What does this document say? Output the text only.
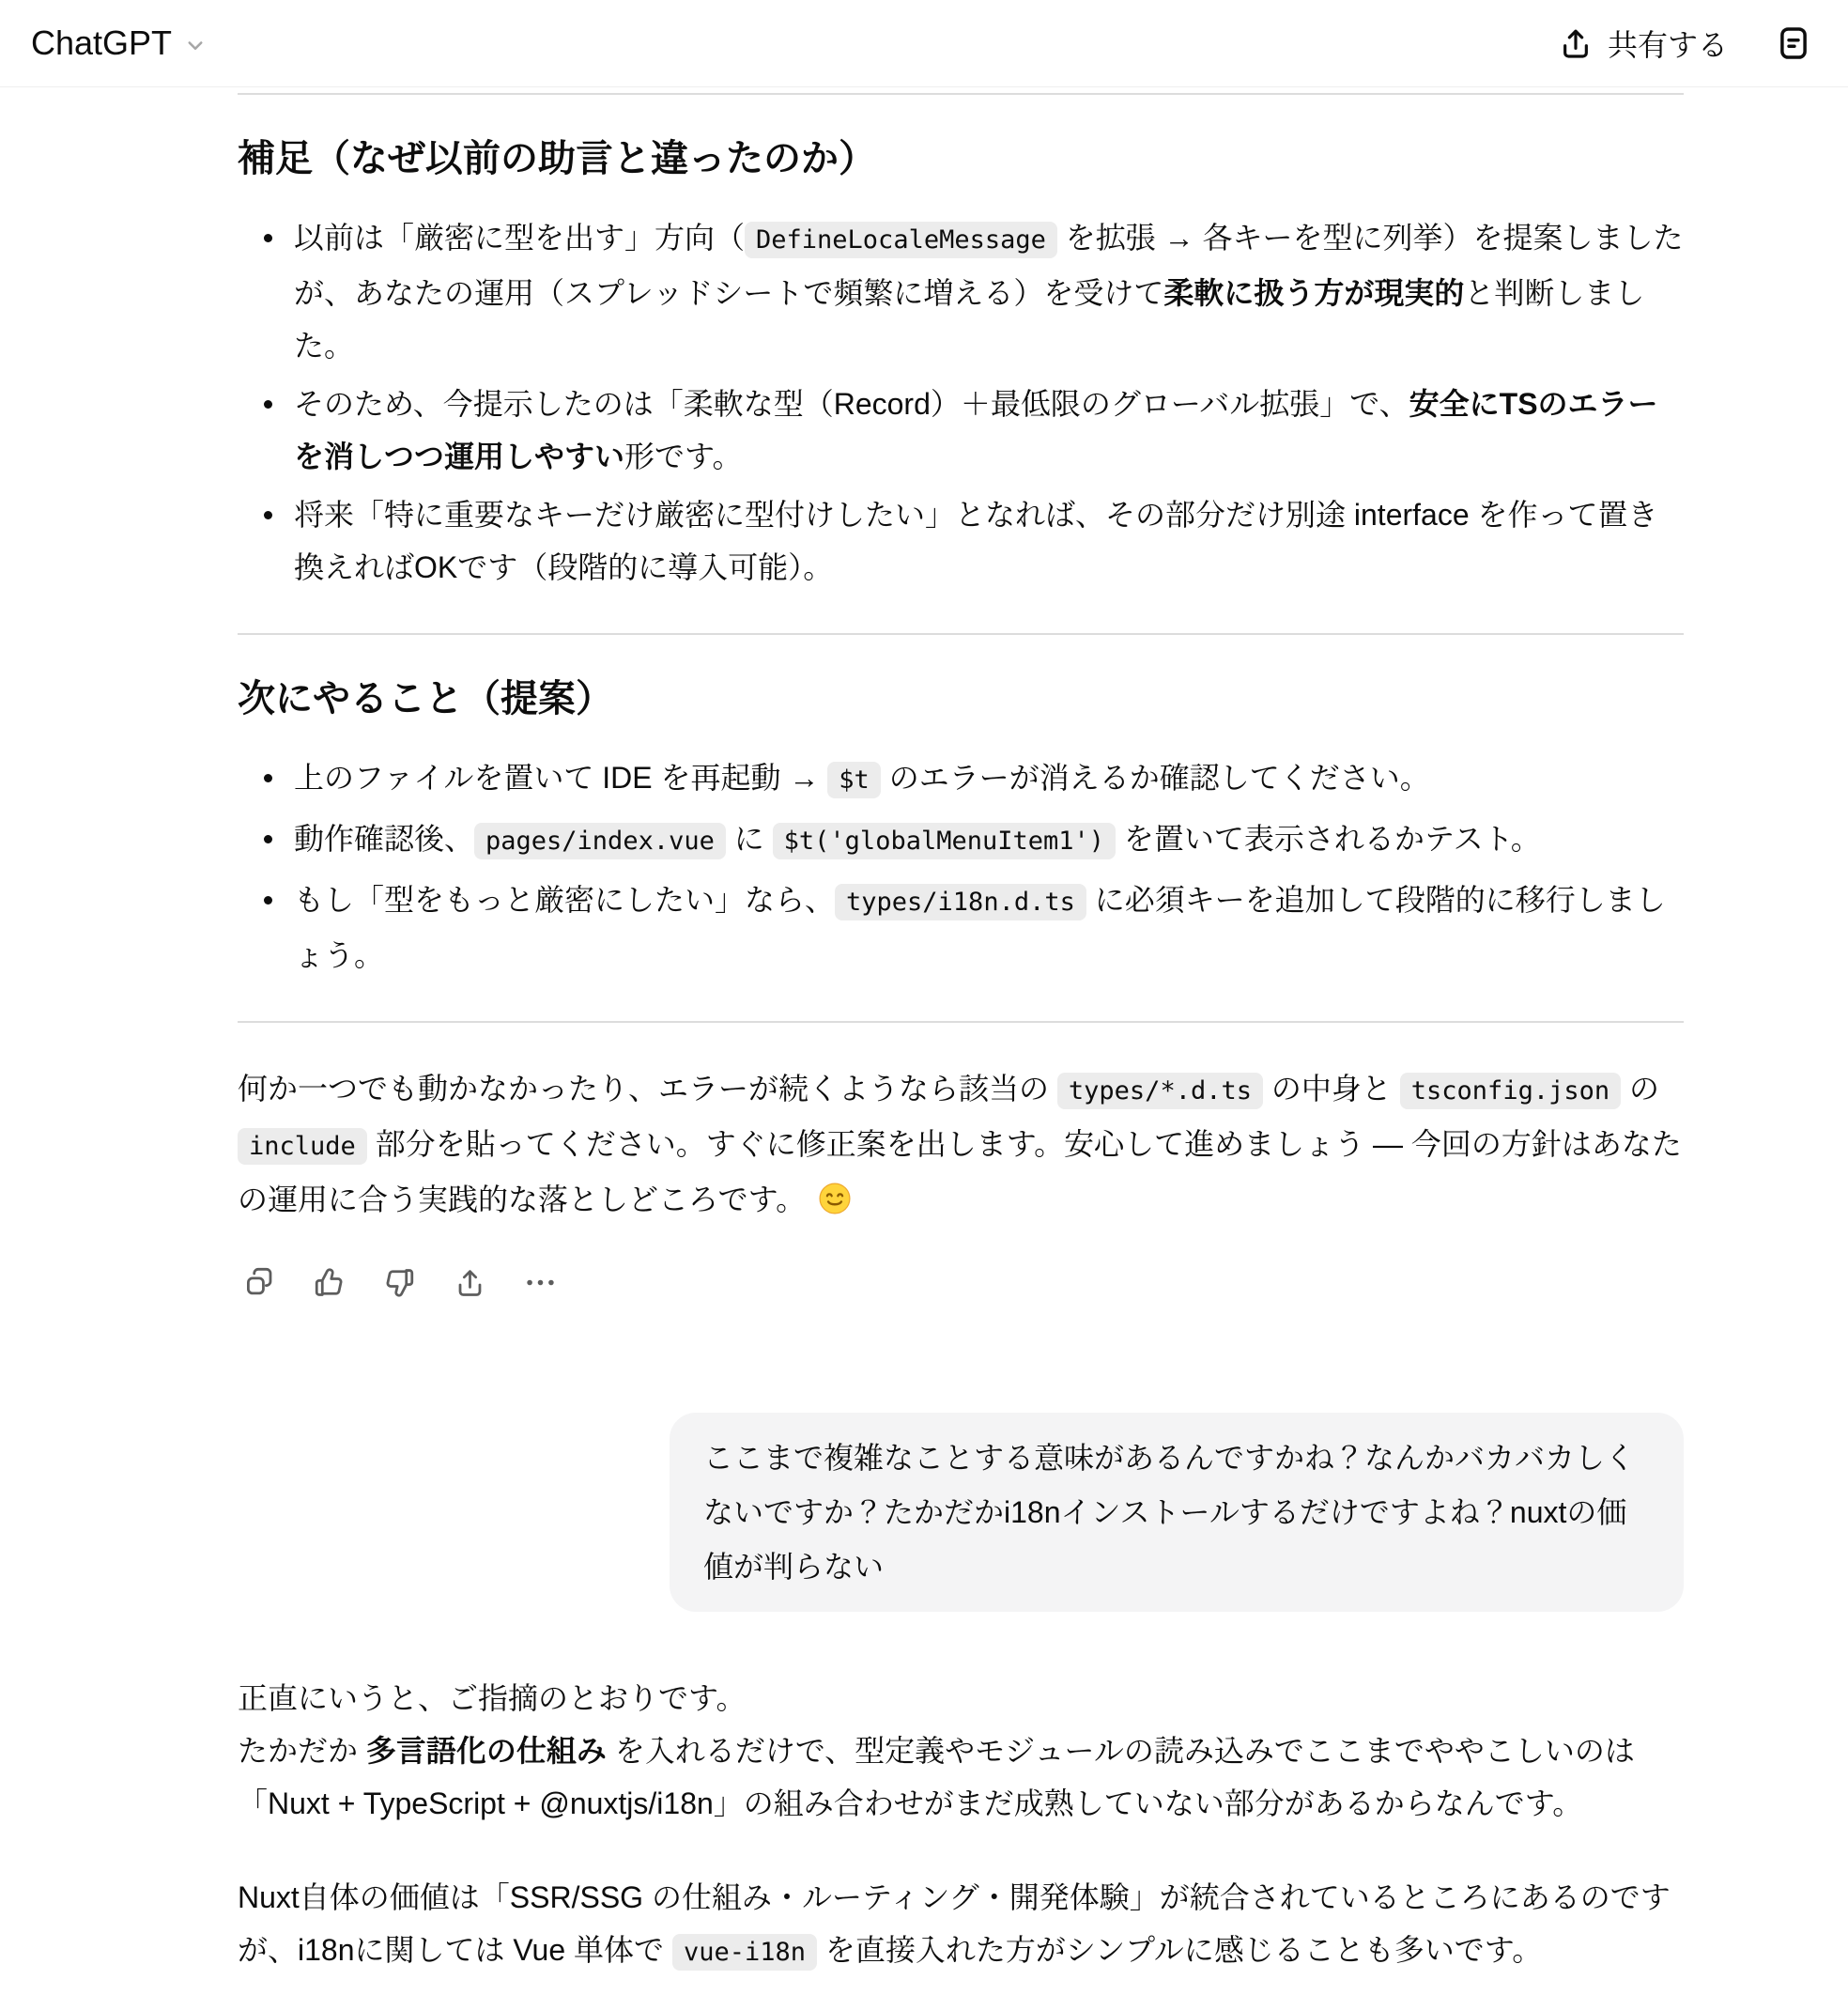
ChatGPT	共有する
補足（なぜ以前の助言と違ったのか）
以前は「厳密に型を出す」方向（ DefineLocaleMessage を拡張 → 各キーを型に列挙）を提案しましたが、あなたの運用（スプレッドシートで頻繁に増える）を受けて柔軟に扱う方が現実的と判断しました。
そのため、今提示したのは「柔軟な型（Record）＋最低限のグローバル拡張」で、安全にTSのエラーを消しつつ運用しやすい形です。
将来「特に重要なキーだけ厳密に型付けしたい」となれば、その部分だけ別途 interface を作って置き換えればOKです（段階的に導入可能）。
次にやること（提案）
上のファイルを置いて IDE を再起動 → $t のエラーが消えるか確認してください。
動作確認後、 pages/index.vue に $t('globalMenuItem1') を置いて表示されるかテスト。
もし「型をもっと厳密にしたい」なら、 types/i18n.d.ts に必須キーを追加して段階的に移行しましょう。

何か一つでも動かなかったり、エラーが続くようなら該当の types/*.d.ts の中身と tsconfig.json の include 部分を貼ってください。すぐに修正案を出します。安心して進めましょう — 今回の方針はあなたの運用に合う実践的な落としどころです。

ここまで複雑なことする意味があるんですかね？なんかバカバカしくないですか？たかだかi18nインストールするだけですよね？nuxtの価値が判らない

正直にいうと、ご指摘のとおりです。
たかだか 多言語化の仕組み を入れるだけで、型定義やモジュールの読み込みでここまでややこしいのは「Nuxt + TypeScript + @nuxtjs/i18n」の組み合わせがまだ成熟していない部分があるからなんです。

Nuxt自体の価値は「SSR/SSG の仕組み・ルーティング・開発体験」が統合されているところにあるのですが、i18nに関しては Vue 単体で vue-i18n を直接入れた方がシンプルに感じることも多いです。
